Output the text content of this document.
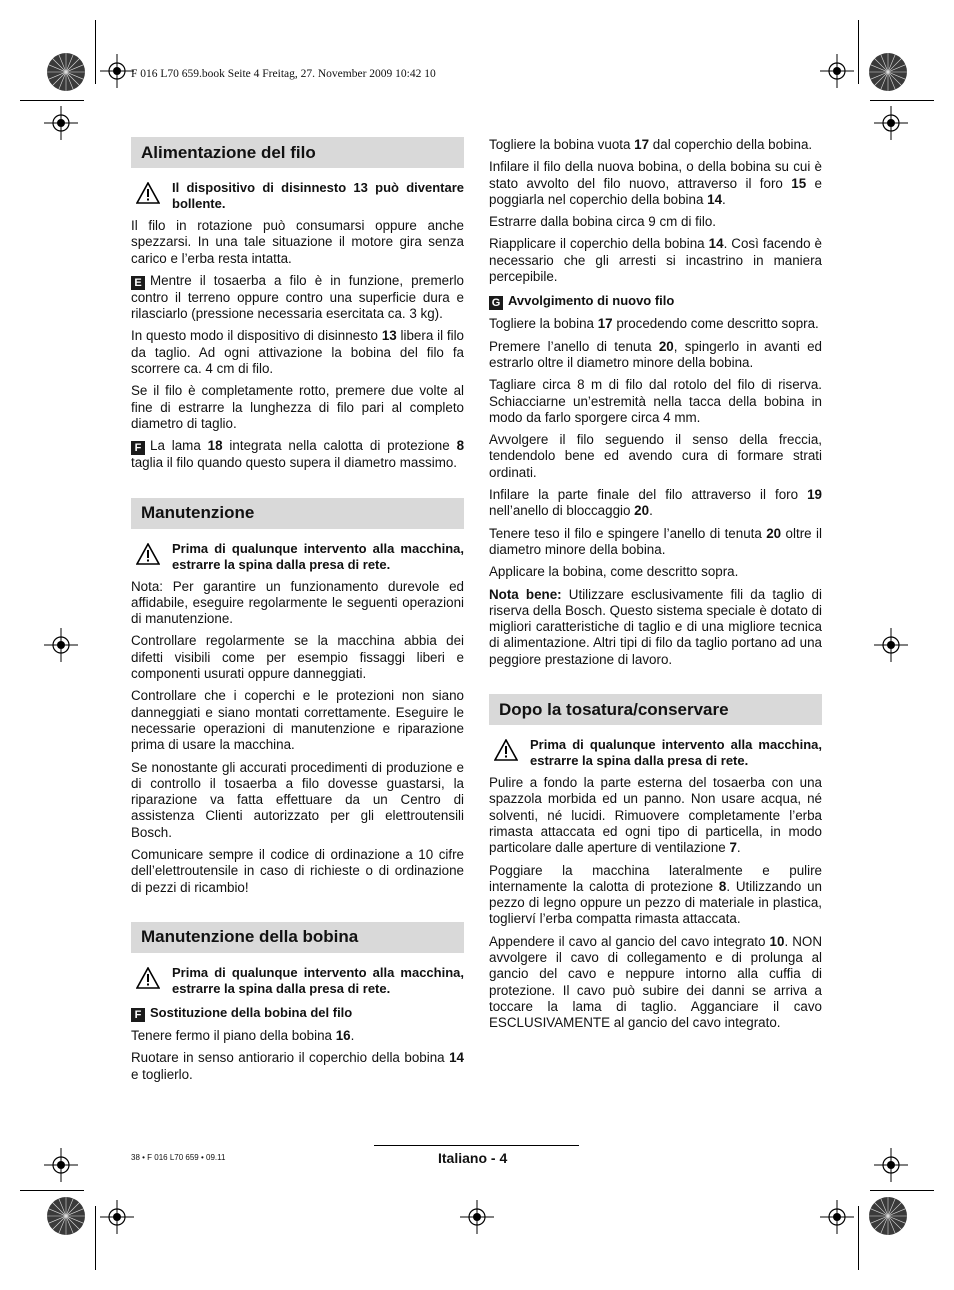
F 016 L70 659.book Seite 4 Freitag, 27. November 2009 10:42 10
Alimentazione del filo
Il dispositivo di disinnesto 13 può diventare bollente.

Il filo in rotazione può consumarsi oppure anche spezzarsi. In una tale situazione il motore gira senza carico e l’erba resta intatta.

E Mentre il tosaerba a filo è in funzione, premerlo contro il terreno oppure contro una superficie dura e rilasciarlo (pressione necessaria esercitata ca. 3 kg).

In questo modo il dispositivo di disinnesto 13 libera il filo da taglio. Ad ogni attivazione la bobina del filo fa scorrere ca. 4 cm di filo.

Se il filo è completamente rotto, premere due volte al fine di estrarre la lunghezza di filo pari al completo diametro di taglio.

F La lama 18 integrata nella calotta di protezione 8 taglia il filo quando questo supera il diametro massimo.

Manutenzione
Prima di qualunque intervento alla macchina, estrarre la spina dalla presa di rete.

Nota: Per garantire un funzionamento durevole ed affidabile, eseguire regolarmente le seguenti operazioni di manutenzione.

Controllare regolarmente se la macchina abbia dei difetti visibili come per esempio fissaggi liberi e componenti usurati oppure danneggiati.

Controllare che i coperchi e le protezioni non siano danneggiati e siano montati correttamente. Eseguire le necessarie operazioni di manutenzione e riparazione prima di usare la macchina.

Se nonostante gli accurati procedimenti di produzione e di controllo il tosaerba a filo dovesse guastarsi, la riparazione va fatta effettuare da un Centro di assistenza Clienti autorizzato per gli elettroutensili Bosch.

Comunicare sempre il codice di ordinazione a 10 cifre dell’elettroutensile in caso di richieste o di ordinazione di pezzi di ricambio!

Manutenzione della bobina
Prima di qualunque intervento alla macchina, estrarre la spina dalla presa di rete.
F Sostituzione della bobina del filo

Tenere fermo il piano della bobina 16.

Ruotare in senso antiorario il coperchio della bobina 14 e toglierlo.

Togliere la bobina vuota 17 dal coperchio della bobina.

Infilare il filo della nuova bobina, o della bobina su cui è stato avvolto del filo nuovo, attraverso il foro 15 e poggiarla nel coperchio della bobina 14.

Estrarre dalla bobina circa 9 cm di filo.

Riapplicare il coperchio della bobina 14. Così facendo è necessario che gli arresti si incastrino in maniera percepibile.

G Avvolgimento di nuovo filo

Togliere la bobina 17 procedendo come descritto sopra.

Premere l’anello di tenuta 20, spingerlo in avanti ed estrarlo oltre il diametro minore della bobina.

Tagliare circa 8 m di filo dal rotolo del filo di riserva. Schiacciarne un’estremità nella tacca della bobina in modo da farlo sporgere circa 4 mm.

Avvolgere il filo seguendo il senso della freccia, tendendolo bene ed avendo cura di formare strati ordinati.

Infilare la parte finale del filo attraverso il foro 19 nell’anello di bloccaggio 20.

Tenere teso il filo e spingere l’anello di tenuta 20 oltre il diametro minore della bobina.

Applicare la bobina, come descritto sopra.

Nota bene: Utilizzare esclusivamente fili da taglio di riserva della Bosch. Questo sistema speciale è dotato di migliori caratteristiche di taglio e di una migliore tecnica di alimentazione. Altri tipi di filo da taglio portano ad una peggiore prestazione di lavoro.

Dopo la tosatura/conservare
Prima di qualunque intervento alla macchina, estrarre la spina dalla presa di rete.

Pulire a fondo la parte esterna del tosaerba con una spazzola morbida ed un panno. Non usare acqua, né solventi, né lucidi. Rimuovere completamente l’erba rimasta attaccata ed ogni tipo di particella, in modo particolare dalle aperture di ventilazione 7.

Poggiare la macchina lateralmente e pulire internamente la calotta di protezione 8. Utilizzando un pezzo di legno oppure un pezzo di materiale in plastica, toglierví l’erba compatta rimasta attaccata.

Appendere il cavo al gancio del cavo integrato 10. NON avvolgere il cavo di collegamento e di prolunga al gancio del cavo e neppure intorno alla cuffia di protezione. Il cavo può subire dei danni se arriva a toccare la lama di taglio. Agganciare il cavo ESCLUSIVAMENTE al gancio del cavo integrato.

38 • F 016 L70 659 • 09.11	Italiano - 4
